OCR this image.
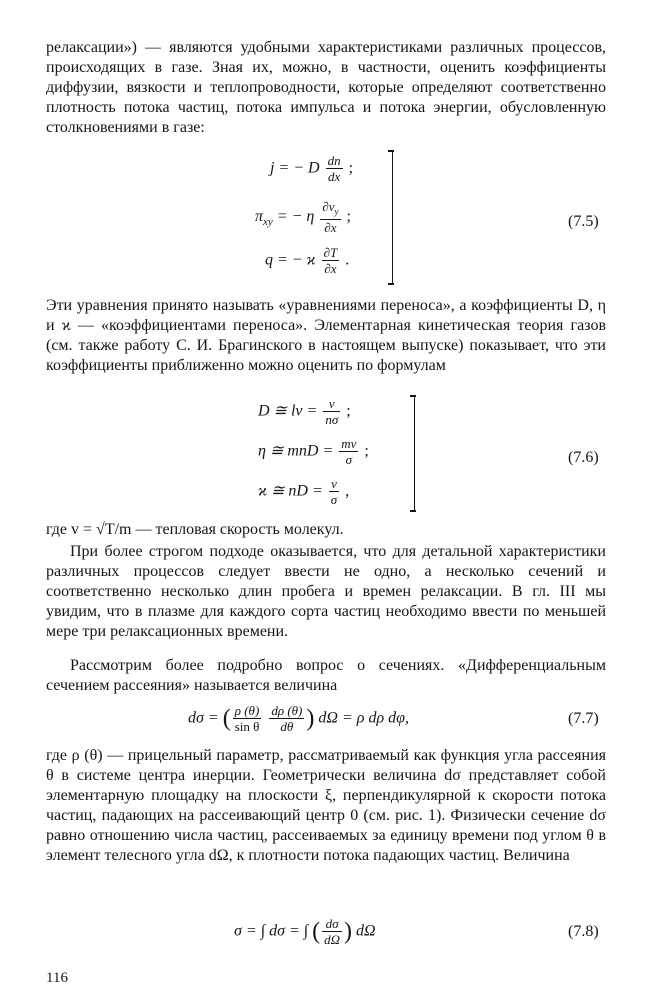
релаксации») — являются удобными характеристиками различных процессов, происходящих в газе. Зная их, можно, в частности, оценить коэффициенты диффузии, вязкости и теплопроводности, которые определяют соответственно плотность потока частиц, потока импульса и потока энергии, обусловленную столкновениями в газе:

j = − D $\frac{dn}{dx}$ ;
$\pi_{xy}$ = − η $\frac{\partial v_y}{\partial x}$ ;
q = − ϰ $\frac{\partial T}{\partial x}$ .
(7.5)

Эти уравнения принято называть «уравнениями переноса», а коэффициенты D, η и ϰ — «коэффициентами переноса». Элементарная кинетическая теория газов (см. также работу С. И. Брагинского в настоящем выпуске) показывает, что эти коэффициенты приближенно можно оценить по формулам

D ≅ lv = $\frac{v}{n\sigma}$ ;
η ≅ mnD = $\frac{mv}{\sigma}$ ;
ϰ ≅ nD = $\frac{v}{\sigma}$ ,
(7.6)

где v = √T/m — тепловая скорость молекул.

При более строгом подходе оказывается, что для детальной характеристики различных процессов следует ввести не одно, а несколько сечений и соответственно несколько длин пробега и времен релаксации. В гл. III мы увидим, что в плазме для каждого сорта частиц необходимо ввести по меньшей мере три релаксационных времени.

Рассмотрим более подробно вопрос о сечениях. «Дифференциальным сечением рассеяния» называется величина

dσ = ( $\frac{\rho (\theta)}{\text{sin θ}}$
$\frac{d\rho (\theta)}{d\theta}$ ) dΩ = ρ dρ dφ,	(7.7)

где ρ (θ) — прицельный параметр, рассматриваемый как функция угла рассеяния θ в системе центра инерции. Геометрически величина dσ представляет собой элементарную площадку на плоскости ξ, перпендикулярной к скорости потока частиц, падающих на рассеивающий центр 0 (см. рис. 1). Физически сечение dσ равно отношению числа частиц, рассеиваемых за единицу времени под углом θ в элемент телесного угла dΩ, к плотности потока падающих частиц. Величина

σ = ∫ dσ = ∫ ( $\frac{d\sigma}{d\Omega}$ ) dΩ	(7.8)
116
